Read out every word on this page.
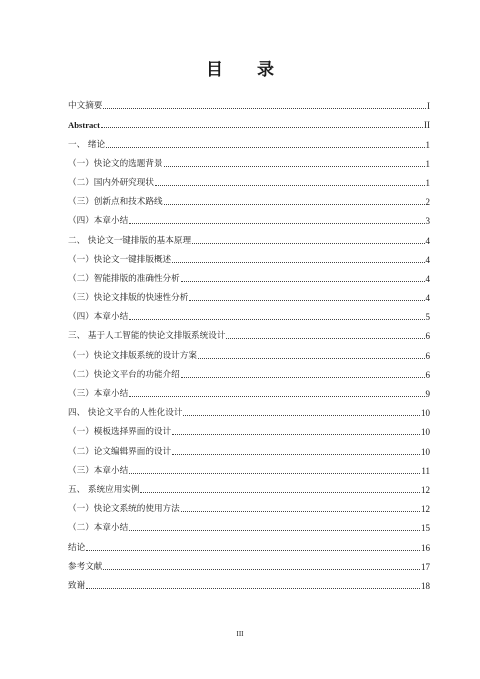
目 录
中文摘要	I
Abstract	II
一、 绪论	1
（一）快论文的选题背景	1
（二）国内外研究现状	1
（三）创新点和技术路线	2
（四）本章小结	3
二、 快论文一键排版的基本原理	4
（一）快论文一键排版概述	4
（二）智能排版的准确性分析	4
（三）快论文排版的快速性分析	4
（四）本章小结	5
三、 基于人工智能的快论文排版系统设计	6
（一）快论文排版系统的设计方案	6
（二）快论文平台的功能介绍	6
（三）本章小结	9
四、 快论文平台的人性化设计	10
（一）模板选择界面的设计	10
（二）论文编辑界面的设计	10
（三）本章小结	11
五、 系统应用实例	12
（一）快论文系统的使用方法	12
（二）本章小结	15
结论	16
参考文献	17
致谢	18
III
